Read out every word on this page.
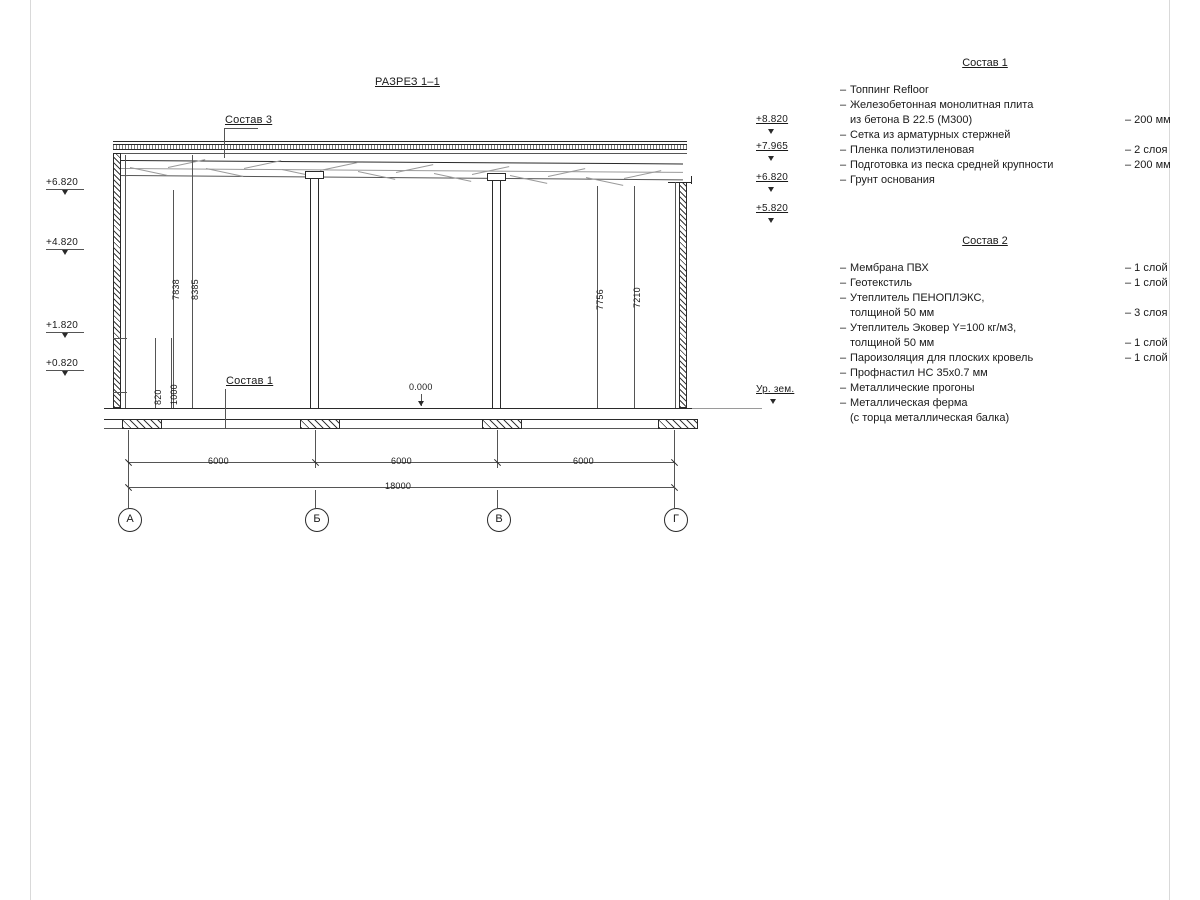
РАЗРЕЗ 1–1
0.000
Состав 3
Состав 1
+6.820
+4.820
+1.820
+0.820
+8.820
+7.965
+6.820
+5.820
Ур. зем.
7838 8385
820 1000
7756	7210
6000	6000	6000
18000
А	Б	В	Г
Состав 1
– Топпинг Refloor
– Железобетонная монолитная плита
из бетона В 22.5 (М300)	– 200 мм
– Сетка из арматурных стержней
– Пленка полиэтиленовая	– 2 слоя
– Подготовка из песка средней крупности	– 200 мм
– Грунт основания
Состав 2
– Мембрана ПВХ	– 1 слой
– Геотекстиль	– 1 слой
– Утеплитель ПЕНОПЛЭКС,
толщиной 50 мм	– 3 слоя
– Утеплитель Эковер Y=100 кг/м3,
толщиной 50 мм	– 1 слой
– Пароизоляция для плоских кровель	– 1 слой
– Профнастил НС 35х0.7 мм
– Металлические прогоны
– Металлическая ферма
(с торца металлическая балка)
